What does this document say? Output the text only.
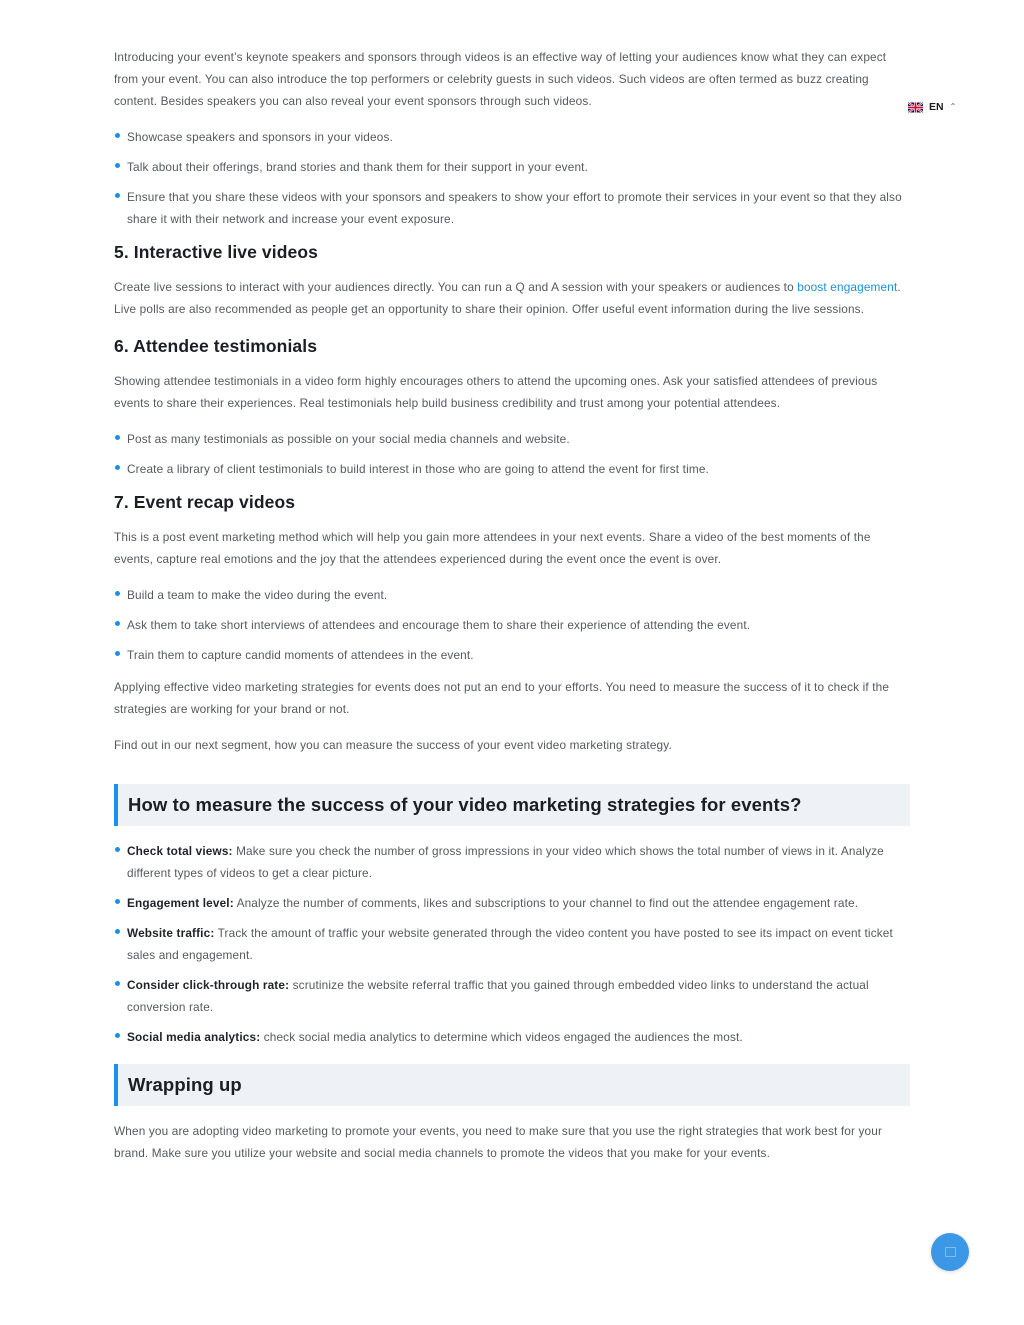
Introducing your event’s keynote speakers and sponsors through videos is an effective way of letting your audiences know what they can expect from your event. You can also introduce the top performers or celebrity guests in such videos. Such videos are often termed as buzz creating content. Besides speakers you can also reveal your event sponsors through such videos.

Showcase speakers and sponsors in your videos.
Talk about their offerings, brand stories and thank them for their support in your event.
Ensure that you share these videos with your sponsors and speakers to show your effort to promote their services in your event so that they also share it with their network and increase your event exposure.
5. Interactive live videos

Create live sessions to interact with your audiences directly. You can run a Q and A session with your speakers or audiences to boost engagement. Live polls are also recommended as people get an opportunity to share their opinion. Offer useful event information during the live sessions.

6. Attendee testimonials

Showing attendee testimonials in a video form highly encourages others to attend the upcoming ones. Ask your satisfied attendees of previous events to share their experiences. Real testimonials help build business credibility and trust among your potential attendees.

Post as many testimonials as possible on your social media channels and website.
Create a library of client testimonials to build interest in those who are going to attend the event for first time.
7. Event recap videos

This is a post event marketing method which will help you gain more attendees in your next events. Share a video of the best moments of the events, capture real emotions and the joy that the attendees experienced during the event once the event is over.

Build a team to make the video during the event.
Ask them to take short interviews of attendees and encourage them to share their experience of attending the event.
Train them to capture candid moments of attendees in the event.

Applying effective video marketing strategies for events does not put an end to your efforts. You need to measure the success of it to check if the strategies are working for your brand or not.

Find out in our next segment, how you can measure the success of your event video marketing strategy.

How to measure the success of your video marketing strategies for events?
Check total views: Make sure you check the number of gross impressions in your video which shows the total number of views in it. Analyze different types of videos to get a clear picture.
Engagement level: Analyze the number of comments, likes and subscriptions to your channel to find out the attendee engagement rate.
Website traffic: Track the amount of traffic your website generated through the video content you have posted to see its impact on event ticket sales and engagement.
Consider click-through rate: scrutinize the website referral traffic that you gained through embedded video links to understand the actual conversion rate.
Social media analytics: check social media analytics to determine which videos engaged the audiences the most.
Wrapping up

When you are adopting video marketing to promote your events, you need to make sure that you use the right strategies that work best for your brand. Make sure you utilize your website and social media channels to promote the videos that you make for your events.

EN ⌃
